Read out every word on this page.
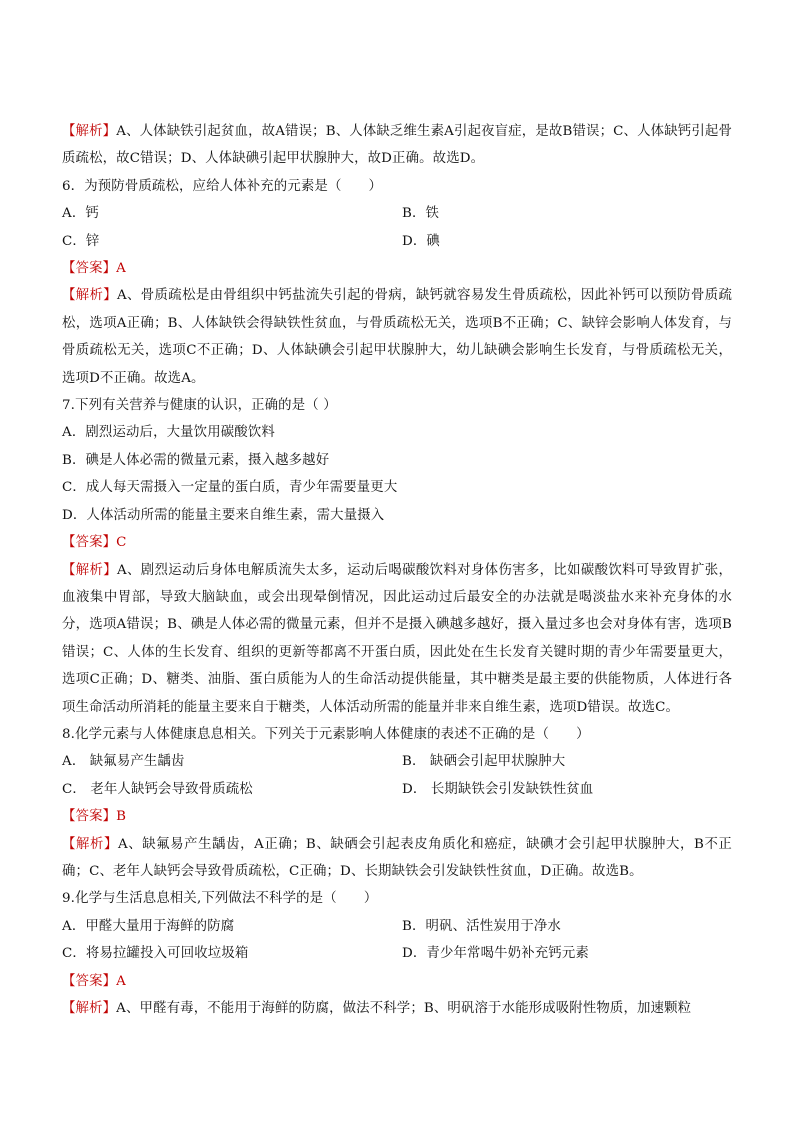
【解析】A、人体缺铁引起贫血，故A错误；B、人体缺乏维生素A引起夜盲症，是故B错误；C、人体缺钙引起骨质疏松，故C错误；D、人体缺碘引起甲状腺肿大，故D正确。故选D。

6．为预防骨质疏松，应给人体补充的元素是（　　）

A．钙	B．铁
C．锌	D．碘

【答案】A

【解析】A、骨质疏松是由骨组织中钙盐流失引起的骨病，缺钙就容易发生骨质疏松，因此补钙可以预防骨质疏松，选项A正确；B、人体缺铁会得缺铁性贫血，与骨质疏松无关，选项B不正确；C、缺锌会影响人体发育，与骨质疏松无关，选项C不正确；D、人体缺碘会引起甲状腺肿大，幼儿缺碘会影响生长发育，与骨质疏松无关，选项D不正确。故选A。

7.下列有关营养与健康的认识，正确的是（ ）

A．剧烈运动后，大量饮用碳酸饮料

B．碘是人体必需的微量元素，摄入越多越好

C．成人每天需摄入一定量的蛋白质，青少年需要量更大

D．人体活动所需的能量主要来自维生素，需大量摄入

【答案】C

【解析】A、剧烈运动后身体电解质流失太多，运动后喝碳酸饮料对身体伤害多，比如碳酸饮料可导致胃扩张，血液集中胃部，导致大脑缺血，或会出现晕倒情况，因此运动过后最安全的办法就是喝淡盐水来补充身体的水分，选项A错误；B、碘是人体必需的微量元素，但并不是摄入碘越多越好，摄入量过多也会对身体有害，选项B错误；C、人体的生长发育、组织的更新等都离不开蛋白质，因此处在生长发育关键时期的青少年需要量更大，选项C正确；D、糖类、油脂、蛋白质能为人的生命活动提供能量，其中糖类是最主要的供能物质，人体进行各项生命活动所消耗的能量主要来自于糖类，人体活动所需的能量并非来自维生素，选项D错误。故选C。

8.化学元素与人体健康息息相关。下列关于元素影响人体健康的表述不正确的是（　　）

A． 缺氟易产生龋齿	B． 缺硒会引起甲状腺肿大
C． 老年人缺钙会导致骨质疏松	D． 长期缺铁会引发缺铁性贫血

【答案】B

【解析】A、缺氟易产生龋齿，A正确；B、缺硒会引起表皮角质化和癌症，缺碘才会引起甲状腺肿大，B不正确；C、老年人缺钙会导致骨质疏松，C正确；D、长期缺铁会引发缺铁性贫血，D正确。故选B。

9.化学与生活息息相关,下列做法不科学的是（　　）

A．甲醛大量用于海鲜的防腐	B．明矾、活性炭用于净水
C．将易拉罐投入可回收垃圾箱	D．青少年常喝牛奶补充钙元素

【答案】A

【解析】A、甲醛有毒，不能用于海鲜的防腐，做法不科学；B、明矾溶于水能形成吸附性物质，加速颗粒
